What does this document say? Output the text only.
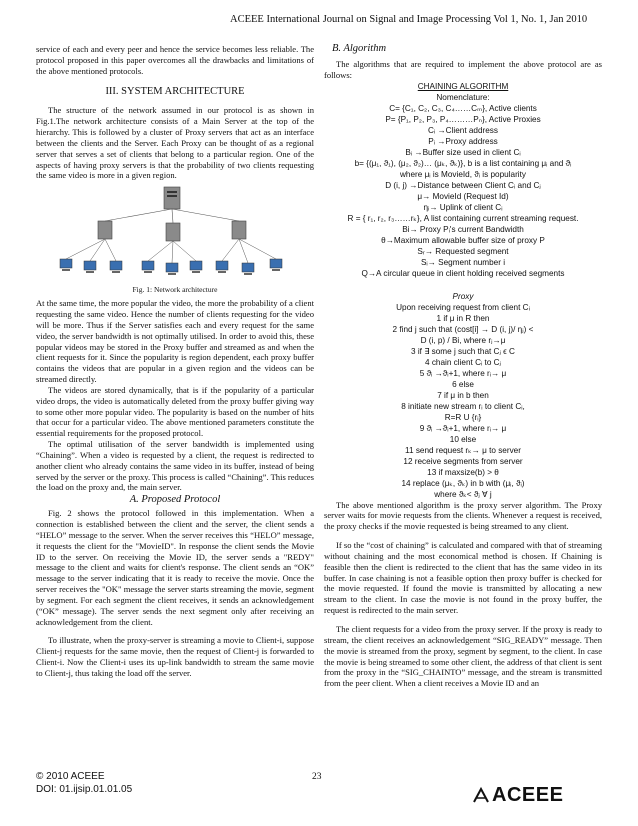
ACEEE International Journal on Signal and Image Processing Vol 1, No. 1, Jan 2010

service of each and every peer and hence the service becomes less reliable. The protocol proposed in this paper overcomes all the drawbacks and limitations of the above mentioned protocols.

III. SYSTEM ARCHITECTURE

The structure of the network assumed in our protocol is as shown in Fig.1.The network architecture consists of a Main Server at the top of the hierarchy. This is followed by a cluster of Proxy servers that act as an interface between the clients and the Server. Each Proxy can be thought of as a regional server that serves a set of clients that belong to a particular region. One of the aspects of having proxy servers is that the probability of two clients requesting the same video is more in a given region.

Fig. 1: Network architecture

At the same time, the more popular the video, the more the probability of a client requesting the same video. Hence the number of clients requesting for the video will be more. Thus if the Server satisfies each and every request for the same video, the server bandwidth is not optimally utilised. In order to avoid this, these popular videos may be stored in the Proxy buffer and streamed as and when the client requests for it. Since the popularity is region dependent, each proxy buffer contains the videos that are popular in a given region and the videos can be streamed directly.

The videos are stored dynamically, that is if the popularity of a particular video drops, the video is automatically deleted from the proxy buffer giving way to some other more popular video. The popularity is based on the number of hits that occur for a particular video. The above mentioned parameters constitute the essential requirements for the proposed protocol.

The optimal utilisation of the server bandwidth is implemented using “Chaining”. When a video is requested by a client, the request is redirected to another client who already contains the same video in its buffer, instead of being served by the server or the proxy. This process is called “Chaining”. This reduces the load on the proxy and, the main server.

A. Proposed Protocol

Fig. 2 shows the protocol followed in this implementation. When a connection is established between the client and the server, the client sends a “HELO” message to the server. When the server receives this “HELO” message, it requests the client for the "MovieID". In response the client sends the Movie ID to the server. On receiving the Movie ID, the server sends a "REDY" message to the client and waits for client's response. The client sends an “OK” message to the server indicating that it is ready to receive the movie. Once the server receives the "OK" message the server starts streaming the movie, segment by segment. For each segment the client receives, it sends an acknowledgement (“OK” message). The server sends the next segment only after receiving an acknowledgement from the client.

To illustrate, when the proxy-server is streaming a movie to Client-i, suppose Client-j requests for the same movie, then the request of Client-j is forwarded to Client-i. Now the Client-i uses its up-link bandwidth to stream the same movie to Client-j, thus taking the load off the server.

B. Algorithm

The algorithms that are required to implement the above protocol are as follows:

CHAINING ALGORITHM
Nomenclature:
C= {C₁, C₂, C₃, C₄……Cₘ}, Active clients
P= {P₁, P₂, P₃, P₄………Pₙ}, Active Proxies
Cᵢ →Client address
Pᵢ →Proxy address
Bᵢ →Buffer size used in client Cᵢ
b= {(μ₁, ϑ₁), (μ₂, ϑ₂)… (μₖ, ϑₖ)}, b is a list containing μᵢ and ϑᵢ
where μᵢ is MovieId, ϑᵢ is popularity
D (i, j) →Distance between Client Cᵢ and Cⱼ
μ→ MovieId (Request Id)
ηᵢ→ Uplink of client Cᵢ
R = { r₁, r₂, r₃……rₖ}, A list containing current streaming request.
Bi→ Proxy Pᵢ's current Bandwidth
θ→Maximum allowable buffer size of proxy P
Sᵣ→ Requested segment
Sᵢ→ Segment number i
Q→A circular queue in client holding received segments
Proxy
Upon receiving request from client Cᵢ
1 if μ in R then
2 find j such that (cost[i] → D (i, j)/ ηⱼ) <
D (i, p) / Bi, where rⱼ→μ
3 if ∃ some j such that Cⱼ ϵ C
4 chain client Cᵢ to Cⱼ
5 ϑᵢ →ϑᵢ+1, where rᵢ→ μ
6 else
7 if μ in b then
8 initiate new stream rᵢ to client Cᵢ,
R=R U {rᵢ}
9 ϑᵢ →ϑᵢ+1, where rᵢ→ μ
10 else
11 send request rₖ→ μ to server
12 receive segments from server
13 if maxsize(b) > θ
14 replace (μₖ, ϑₖ) in b with (μᵢ, ϑᵢ)
where ϑₖ< ϑⱼ ∀ j

The above mentioned algorithm is the proxy server algorithm. The Proxy server waits for movie requests from the clients. Whenever a request is received, the proxy checks if the movie requested is being streamed to any client.

If so the “cost of chaining” is calculated and compared with that of streaming without chaining and the most economical method is chosen. If Chaining is feasible then the client is redirected to the client that has the same video in its buffer. In case chaining is not a feasible option then proxy buffer is checked for the movie requested. If found the movie is transmitted by allocating a new stream to the client. In case the movie is not found in the proxy buffer, the request is redirected to the main server.

The client requests for a video from the proxy server. If the proxy is ready to stream, the client receives an acknowledgement “SIG_READY” message. Then the movie is streamed from the proxy, segment by segment, to the client. In case the movie is being streamed to some other client, the address of that client is sent from the proxy in the “SIG_CHAINTO” message, and the stream is transmitted from the peer client. When a client receives a Movie ID and an

23
© 2010 ACEEE
DOI: 01.ijsip.01.01.05	ACEEE
